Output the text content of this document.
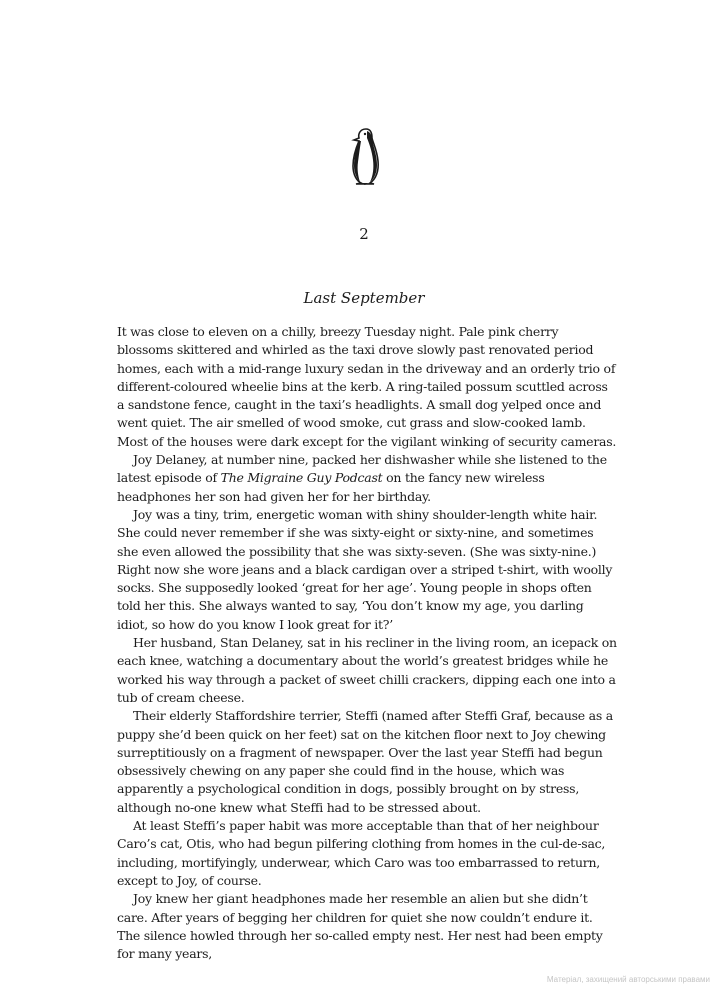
2
Last September

It was close to eleven on a chilly, breezy Tuesday night. Pale pink cherry blossoms skittered and whirled as the taxi drove slowly past renovated period homes, each with a mid-range luxury sedan in the driveway and an orderly trio of different-coloured wheelie bins at the kerb. A ring-tailed possum scuttled across a sandstone fence, caught in the taxi’s headlights. A small dog yelped once and went quiet. The air smelled of wood smoke, cut grass and slow-cooked lamb. Most of the houses were dark except for the vigilant winking of security cameras.

Joy Delaney, at number nine, packed her dishwasher while she listened to the latest episode of The Migraine Guy Podcast on the fancy new wireless headphones her son had given her for her birthday.

Joy was a tiny, trim, energetic woman with shiny shoulder-length white hair. She could never remember if she was sixty-eight or sixty-nine, and sometimes she even allowed the possibility that she was sixty-seven. (She was sixty-nine.) Right now she wore jeans and a black cardigan over a striped t-shirt, with woolly socks. She supposedly looked ‘great for her age’. Young people in shops often told her this. She always wanted to say, ‘You don’t know my age, you darling idiot, so how do you know I look great for it?’

Her husband, Stan Delaney, sat in his recliner in the living room, an icepack on each knee, watching a documentary about the world’s greatest bridges while he worked his way through a packet of sweet chilli crackers, dipping each one into a tub of cream cheese.

Their elderly Staffordshire terrier, Steffi (named after Steffi Graf, because as a puppy she’d been quick on her feet) sat on the kitchen floor next to Joy chewing surreptitiously on a fragment of newspaper. Over the last year Steffi had begun obsessively chewing on any paper she could find in the house, which was apparently a psychological condition in dogs, possibly brought on by stress, although no-one knew what Steffi had to be stressed about.

At least Steffi’s paper habit was more acceptable than that of her neighbour Caro’s cat, Otis, who had begun pilfering clothing from homes in the cul-de-sac, including, mortifyingly, underwear, which Caro was too embarrassed to return, except to Joy, of course.

Joy knew her giant headphones made her resemble an alien but she didn’t care. After years of begging her children for quiet she now couldn’t endure it. The silence howled through her so-called empty nest. Her nest had been empty for many years,

Матеріал, захищений авторськими правами
